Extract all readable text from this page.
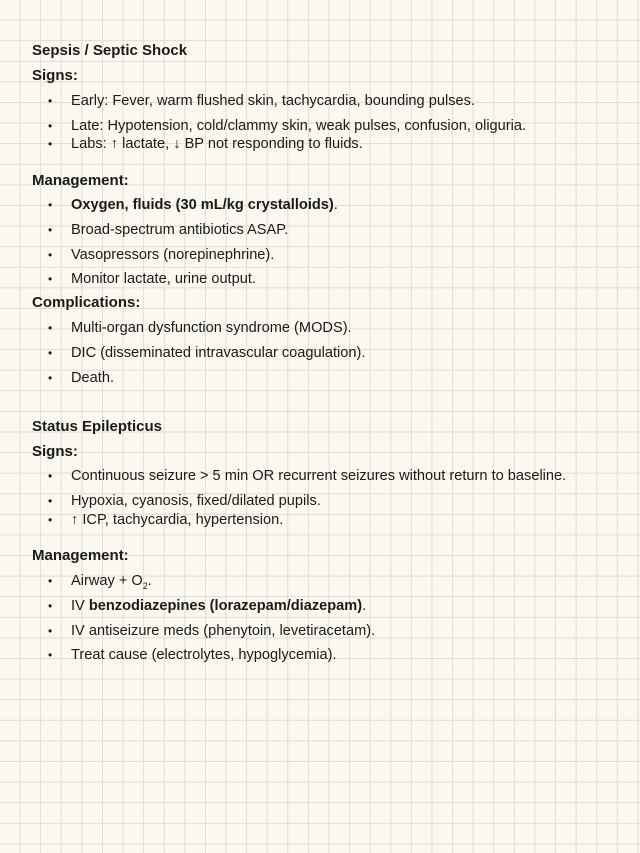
Sepsis / Septic Shock
Signs:
• Early: Fever, warm flushed skin, tachycardia, bounding pulses.
• Late: Hypotension, cold/clammy skin, weak pulses, confusion, oliguria.
• Labs: ↑ lactate, ↓ BP not responding to fluids.
Management:
• Oxygen, fluids (30 mL/kg crystalloids).
• Broad-spectrum antibiotics ASAP.
• Vasopressors (norepinephrine).
• Monitor lactate, urine output.
Complications:
• Multi-organ dysfunction syndrome (MODS).
• DIC (disseminated intravascular coagulation).
• Death.
Status Epilepticus
Signs:
• Continuous seizure > 5 min OR recurrent seizures without return to baseline.
• Hypoxia, cyanosis, fixed/dilated pupils.
• ↑ ICP, tachycardia, hypertension.
Management:
• Airway + $O_2$.
• IV benzodiazepines (lorazepam/diazepam).
• IV antiseizure meds (phenytoin, levetiracetam).
• Treat cause (electrolytes, hypoglycemia).
